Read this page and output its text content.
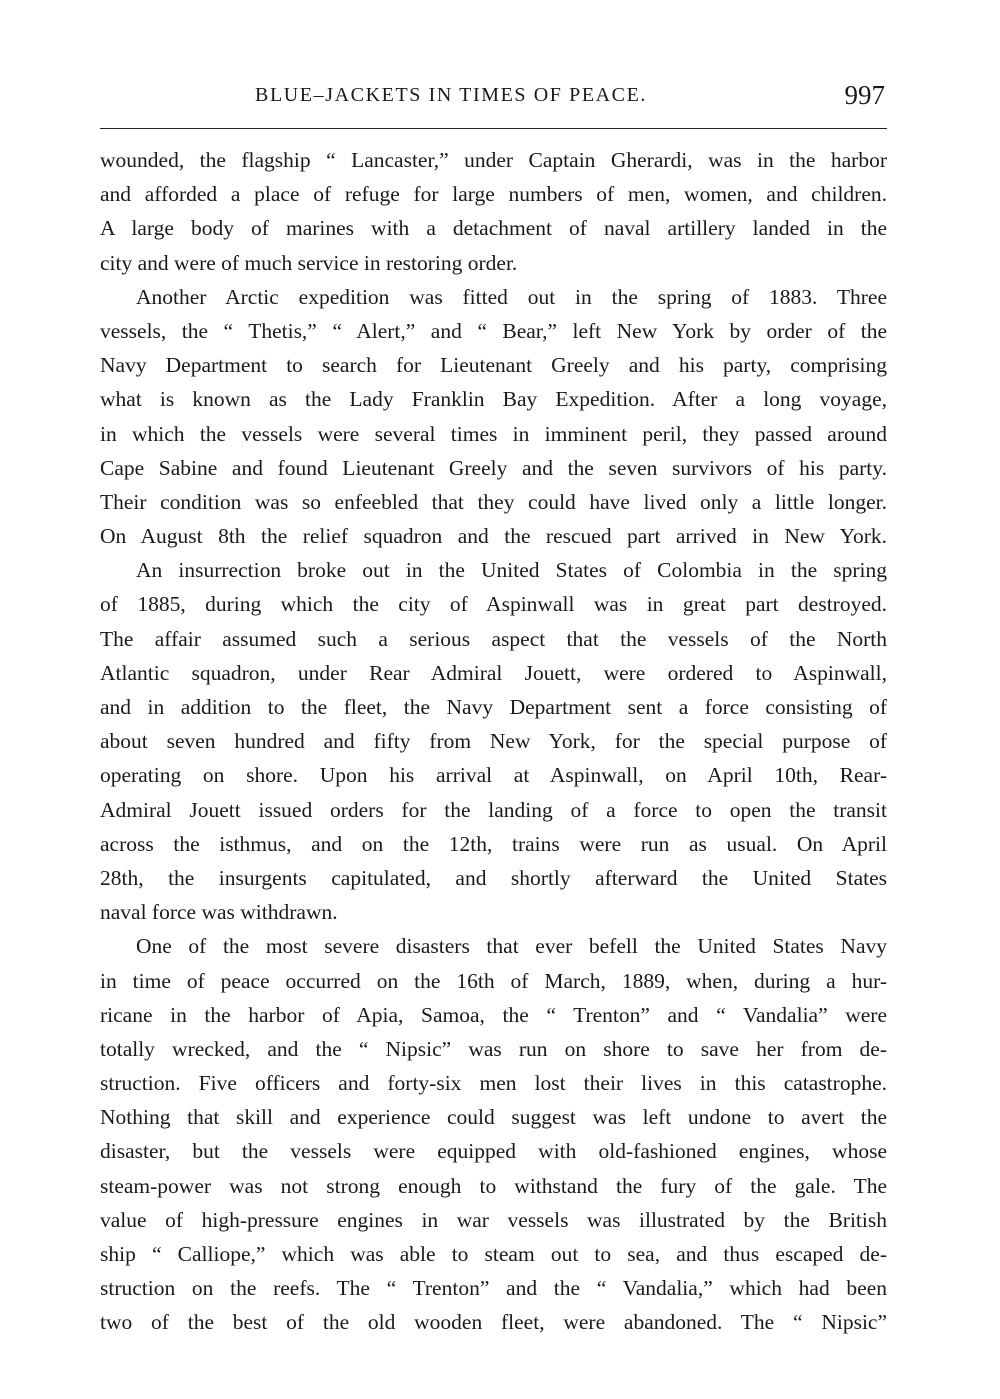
BLUE–JACKETS IN TIMES OF PEACE.	997
wounded, the flagship “ Lancaster,” under Captain Gherardi, was in the harbor
and afforded a place of refuge for large numbers of men, women, and children.
A large body of marines with a detachment of naval artillery landed in the
city and were of much service in restoring order.
Another Arctic expedition was fitted out in the spring of 1883. Three
vessels, the “ Thetis,” “ Alert,” and “ Bear,” left New York by order of the
Navy Department to search for Lieutenant Greely and his party, comprising
what is known as the Lady Franklin Bay Expedition. After a long voyage,
in which the vessels were several times in imminent peril, they passed around
Cape Sabine and found Lieutenant Greely and the seven survivors of his party.
Their condition was so enfeebled that they could have lived only a little longer.
On August 8th the relief squadron and the rescued part arrived in New York.
An insurrection broke out in the United States of Colombia in the spring
of 1885, during which the city of Aspinwall was in great part destroyed.
The affair assumed such a serious aspect that the vessels of the North
Atlantic squadron, under Rear Admiral Jouett, were ordered to Aspinwall,
and in addition to the fleet, the Navy Department sent a force consisting of
about seven hundred and fifty from New York, for the special purpose of
operating on shore. Upon his arrival at Aspinwall, on April 10th, Rear-
Admiral Jouett issued orders for the landing of a force to open the transit
across the isthmus, and on the 12th, trains were run as usual. On April
28th, the insurgents capitulated, and shortly afterward the United States
naval force was withdrawn.
One of the most severe disasters that ever befell the United States Navy
in time of peace occurred on the 16th of March, 1889, when, during a hur-
ricane in the harbor of Apia, Samoa, the “ Trenton” and “ Vandalia” were
totally wrecked, and the “ Nipsic” was run on shore to save her from de-
struction. Five officers and forty-six men lost their lives in this catastrophe.
Nothing that skill and experience could suggest was left undone to avert the
disaster, but the vessels were equipped with old-fashioned engines, whose
steam-power was not strong enough to withstand the fury of the gale. The
value of high-pressure engines in war vessels was illustrated by the British
ship “ Calliope,” which was able to steam out to sea, and thus escaped de-
struction on the reefs. The “ Trenton” and the “ Vandalia,” which had been
two of the best of the old wooden fleet, were abandoned. The “ Nipsic”
